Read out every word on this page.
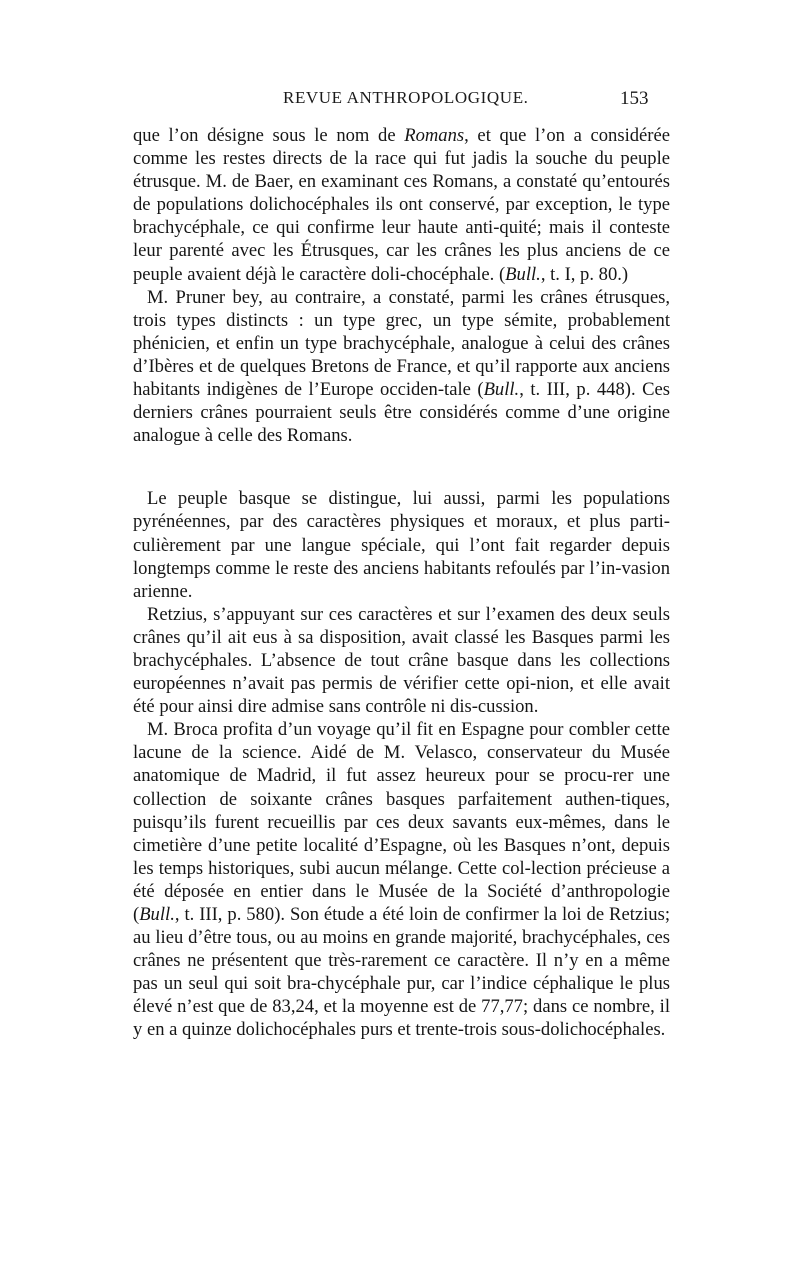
REVUE ANTHROPOLOGIQUE.	153

que l’on désigne sous le nom de Romans, et que l’on a considérée comme les restes directs de la race qui fut jadis la souche du peuple étrusque. M. de Baer, en examinant ces Romans, a constaté qu’entourés de populations dolichocéphales ils ont conservé, par exception, le type brachycéphale, ce qui confirme leur haute anti-quité; mais il conteste leur parenté avec les Étrusques, car les crânes les plus anciens de ce peuple avaient déjà le caractère doli-chocéphale. (Bull., t. I, p. 80.)

M. Pruner bey, au contraire, a constaté, parmi les crânes étrusques, trois types distincts : un type grec, un type sémite, probablement phénicien, et enfin un type brachycéphale, analogue à celui des crânes d’Ibères et de quelques Bretons de France, et qu’il rapporte aux anciens habitants indigènes de l’Europe occiden-tale (Bull., t. III, p. 448). Ces derniers crânes pourraient seuls être considérés comme d’une origine analogue à celle des Romans.

Le peuple basque se distingue, lui aussi, parmi les populations pyrénéennes, par des caractères physiques et moraux, et plus parti-culièrement par une langue spéciale, qui l’ont fait regarder depuis longtemps comme le reste des anciens habitants refoulés par l’in-vasion arienne.

Retzius, s’appuyant sur ces caractères et sur l’examen des deux seuls crânes qu’il ait eus à sa disposition, avait classé les Basques parmi les brachycéphales. L’absence de tout crâne basque dans les collections européennes n’avait pas permis de vérifier cette opi-nion, et elle avait été pour ainsi dire admise sans contrôle ni dis-cussion.

M. Broca profita d’un voyage qu’il fit en Espagne pour combler cette lacune de la science. Aidé de M. Velasco, conservateur du Musée anatomique de Madrid, il fut assez heureux pour se procu-rer une collection de soixante crânes basques parfaitement authen-tiques, puisqu’ils furent recueillis par ces deux savants eux-mêmes, dans le cimetière d’une petite localité d’Espagne, où les Basques n’ont, depuis les temps historiques, subi aucun mélange. Cette col-lection précieuse a été déposée en entier dans le Musée de la Société d’anthropologie (Bull., t. III, p. 580). Son étude a été loin de confirmer la loi de Retzius; au lieu d’être tous, ou au moins en grande majorité, brachycéphales, ces crânes ne présentent que très-rarement ce caractère. Il n’y en a même pas un seul qui soit bra-chycéphale pur, car l’indice céphalique le plus élevé n’est que de 83,24, et la moyenne est de 77,77; dans ce nombre, il y en a quinze dolichocéphales purs et trente-trois sous-dolichocéphales.
